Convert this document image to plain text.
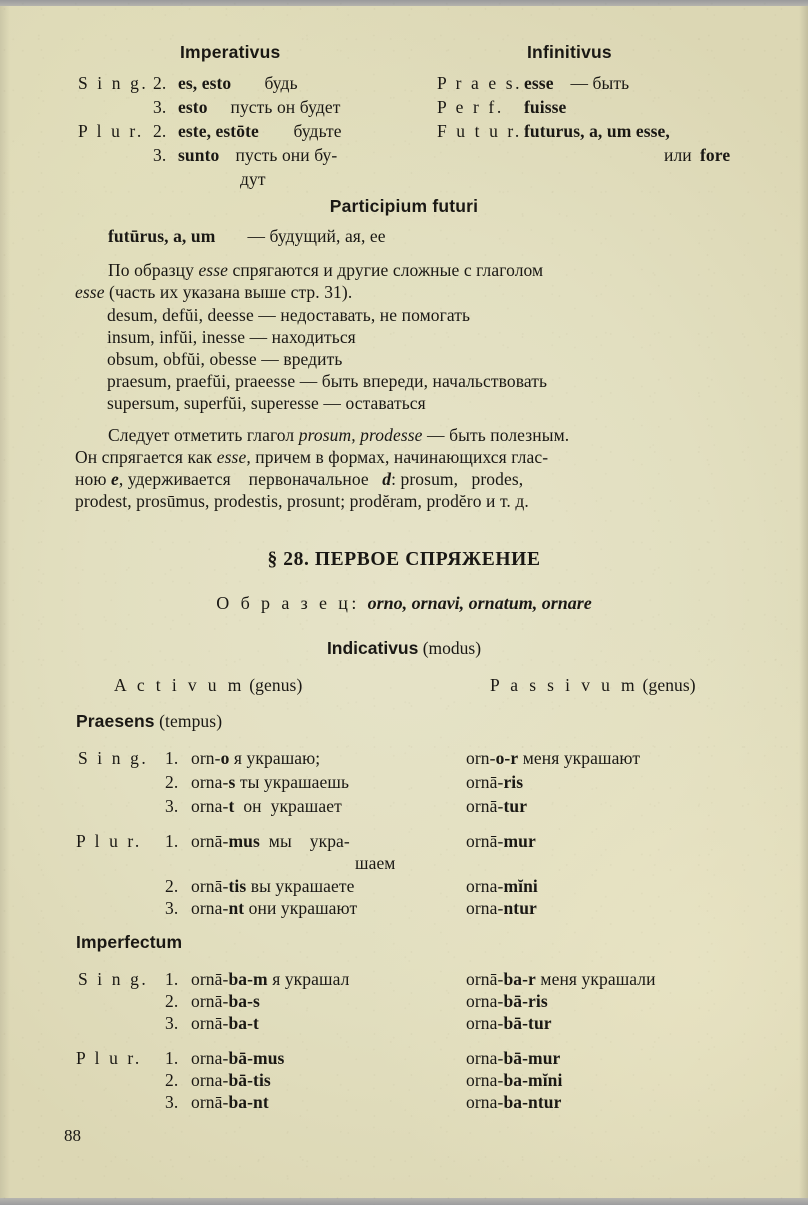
Imperativus	Infinitivus
S i n g. 2. es, esto будь
3. esto пусть он будет
P l u r. 2. este, estōte будьте
3. sunto пусть они бу-
дут
P r a e s. esse — быть
P e r f. fuisse
F u t u r. futurus, a, um esse,
или fore
Participium futuri
futūrus, a, um — будущий, ая, ее
По образцу esse спрягаются и другие сложные с глаголом
esse (часть их указана выше стр. 31).
desum, defŭi, deesse — недоставать, не помогать
insum, infŭi, inesse — находиться
obsum, obfŭi, obesse — вредить
praesum, praefŭi, praeesse — быть впереди, начальствовать
supersum, superfŭi, superesse — оставаться
Следует отметить глагол prosum, prodesse — быть полезным.
Он спрягается как esse, причем в формах, начинающихся глас-
ною e, удерживается    первоначальное   d: prosum,   prodes,
prodest, prosūmus, prodestis, prosunt; prodĕram, prodĕro и т. д.
§ 28. ПЕРВОЕ СПРЯЖЕНИЕ
О б р а з е ц: orno, ornavi, ornatum, ornare
Indicativus (modus)
A c t i v u m (genus)	P a s s i v u m (genus)
Praesens (tempus)
S i n g. 1. orn-o я украшаю;
2. orna-s ты украшаешь
3. orna-t  он  украшает
P l u r. 1. ornā-mus  мы    укра-
шаем
2. ornā-tis вы украшаете
3. orna-nt они украшают
orn-o-r меня украшают
ornā-ris
ornā-tur
ornā-mur
orna-mĭni
orna-ntur
Imperfectum
S i n g. 1. ornā-ba-m я украшал
2. ornā-ba-s
3. ornā-ba-t
P l u r. 1. orna-bā-mus
2. orna-bā-tis
3. ornā-ba-nt
ornā-ba-r меня украшали
orna-bā-ris
orna-bā-tur
orna-bā-mur
orna-ba-mĭni
orna-ba-ntur
88
